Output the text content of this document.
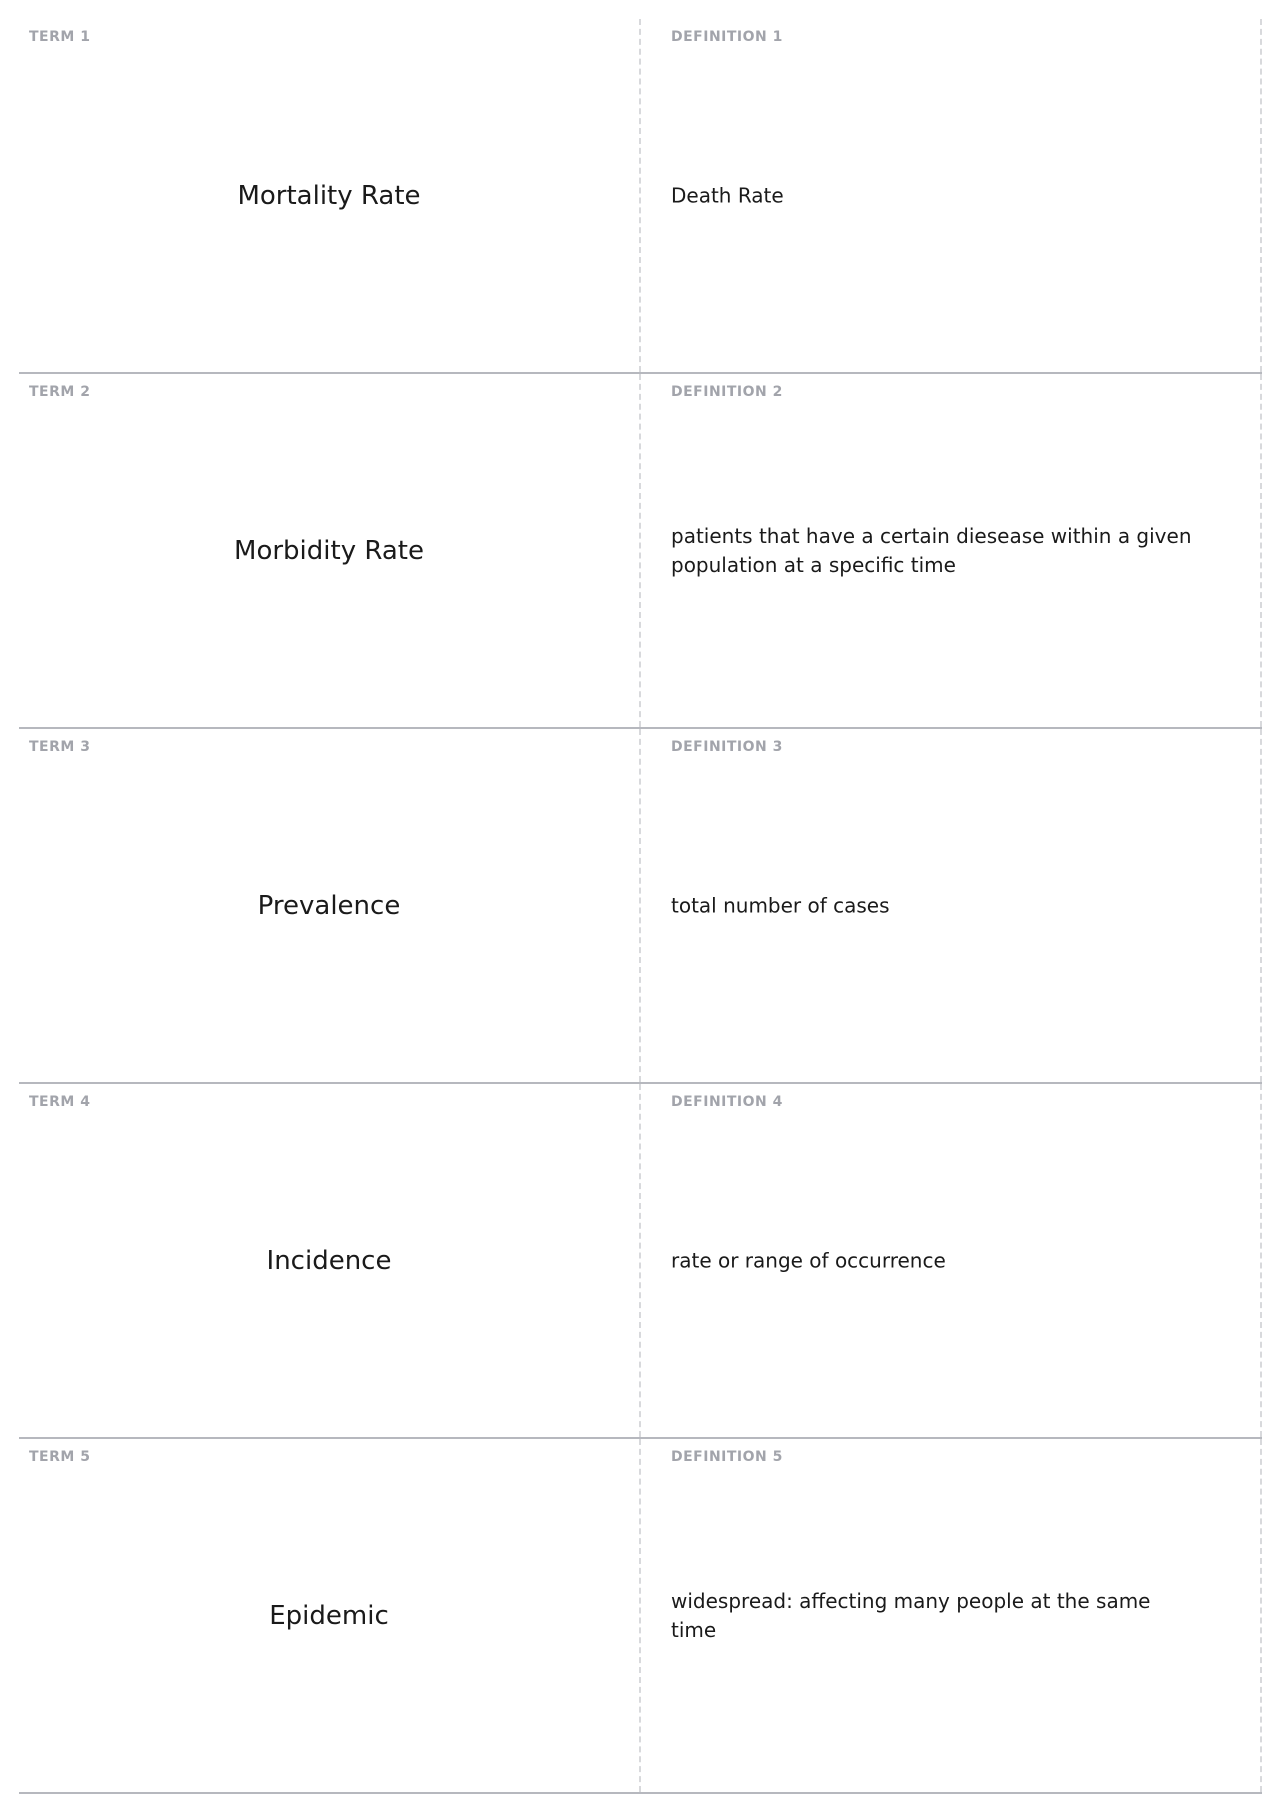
TERM 1
Mortality Rate
DEFINITION 1
Death Rate
TERM 2
Morbidity Rate
DEFINITION 2
patients that have a certain diesease within a given population at a specific time
TERM 3
Prevalence
DEFINITION 3
total number of cases
TERM 4
Incidence
DEFINITION 4
rate or range of occurrence
TERM 5
Epidemic
DEFINITION 5
widespread: affecting many people at the same time
